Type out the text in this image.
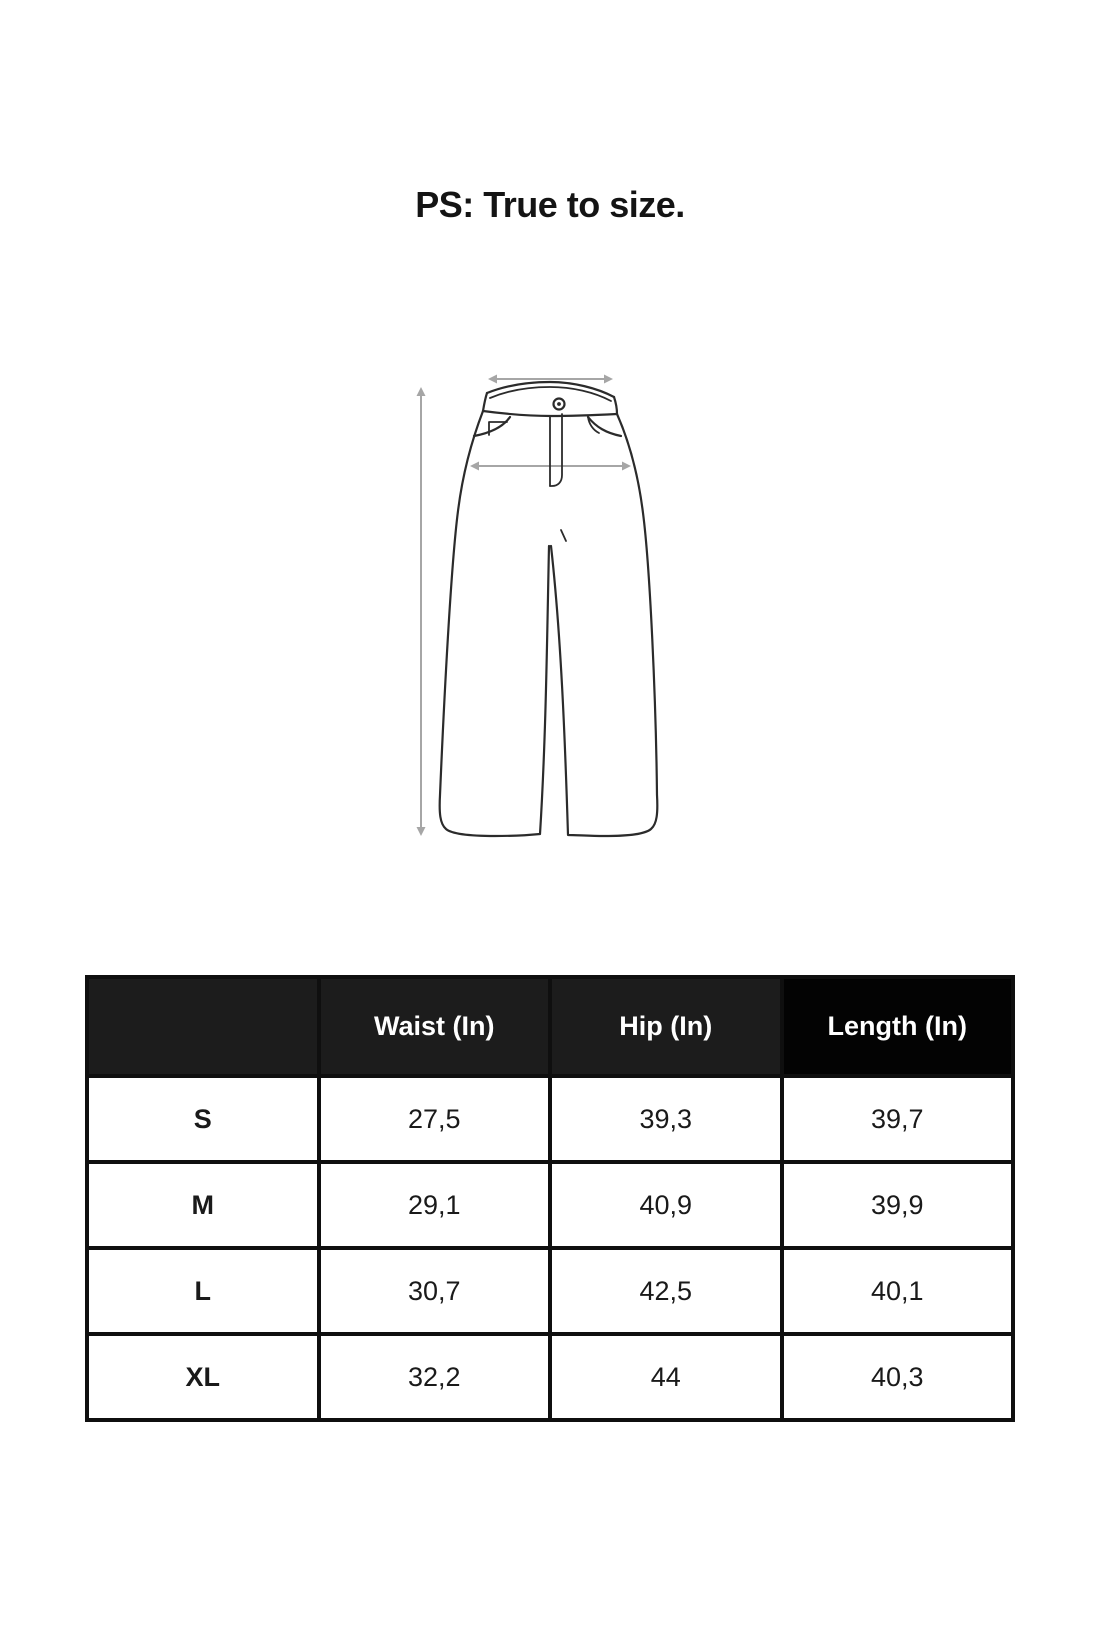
PS: True to size.
	Waist (In)	Hip (In)	Length (In)
S	27,5	39,3	39,7
M	29,1	40,9	39,9
L	30,7	42,5	40,1
XL	32,2	44	40,3
